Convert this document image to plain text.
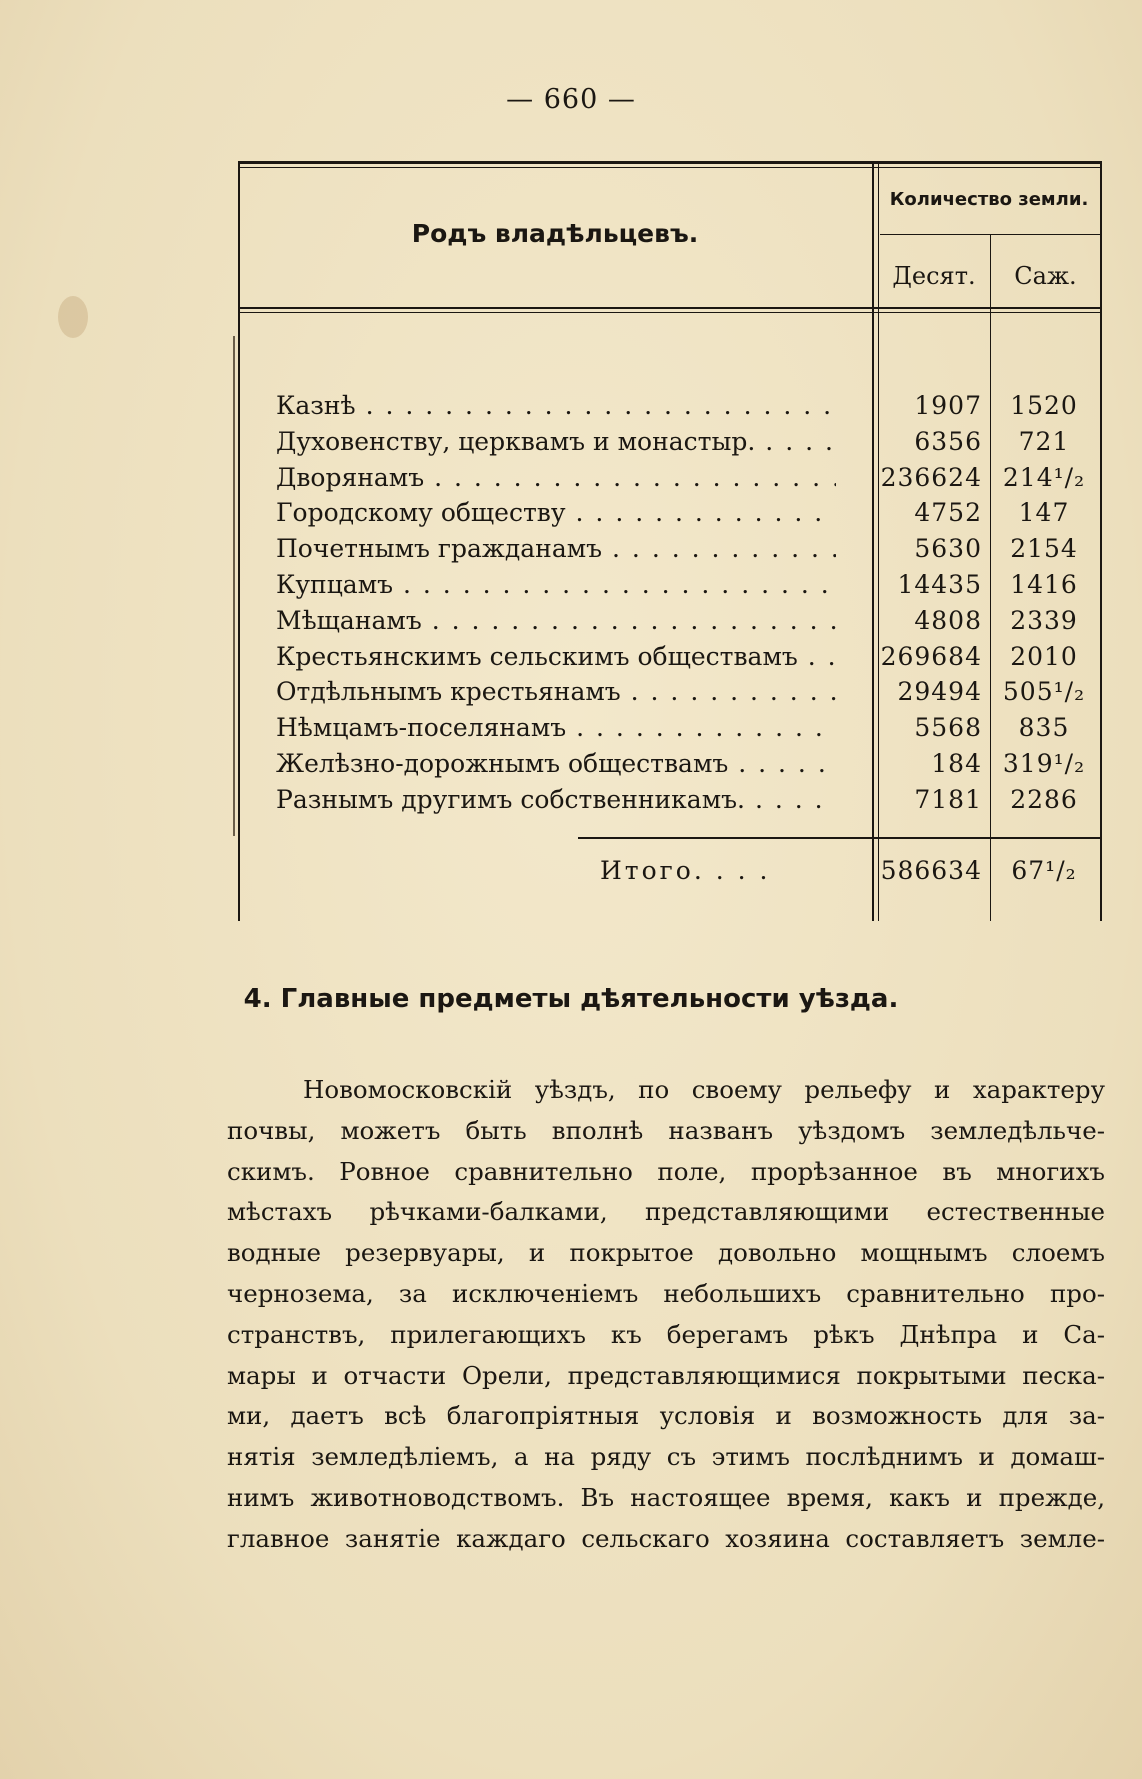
— 660 —
Родъ владѣльцевъ.
Количество земли.
Десят.	Саж.
Казнѣ . .	1907	1520
Духовенству, церквамъ и монастыр. . .	6356	721
Дворянамъ . .	236624 214¹/₂
Городскому обществу . .	4752	147
Почетнымъ гражданамъ . .	5630	2154
Купцамъ . .	14435	1416
Мѣщанамъ . .	4808	2339
Крестьянскимъ сельскимъ обществамъ . .	269684	2010
Отдѣльнымъ крестьянамъ . .	29494 505¹/₂
Нѣмцамъ-поселянамъ . .	5568	835
Желѣзно-дорожнымъ обществамъ . .	184 319¹/₂
Разнымъ другимъ собственникамъ. . .	7181	2286
Итого. . . .	586634	67¹/₂
4. Главные предметы дѣятельности уѣзда.
Новомосковскій уѣздъ, по своему рельефу и характеру
почвы, можетъ быть вполнѣ названъ уѣздомъ земледѣльче-
скимъ. Ровное сравнительно поле, прорѣзанное въ многихъ
мѣстахъ рѣчками-балками, представляющими естественные
водные резервуары, и покрытое довольно мощнымъ слоемъ
чернозема, за исключеніемъ небольшихъ сравнительно про-
странствъ, прилегающихъ къ берегамъ рѣкъ Днѣпра и Са-
мары и отчасти Орели, представляющимися покрытыми песка-
ми, даетъ всѣ благопріятныя условія и возможность для за-
нятія земледѣліемъ, а на ряду съ этимъ послѣднимъ и домаш-
нимъ животноводствомъ. Въ настоящее время, какъ и прежде,
главное занятіе каждаго сельскаго хозяина составляетъ земле-
